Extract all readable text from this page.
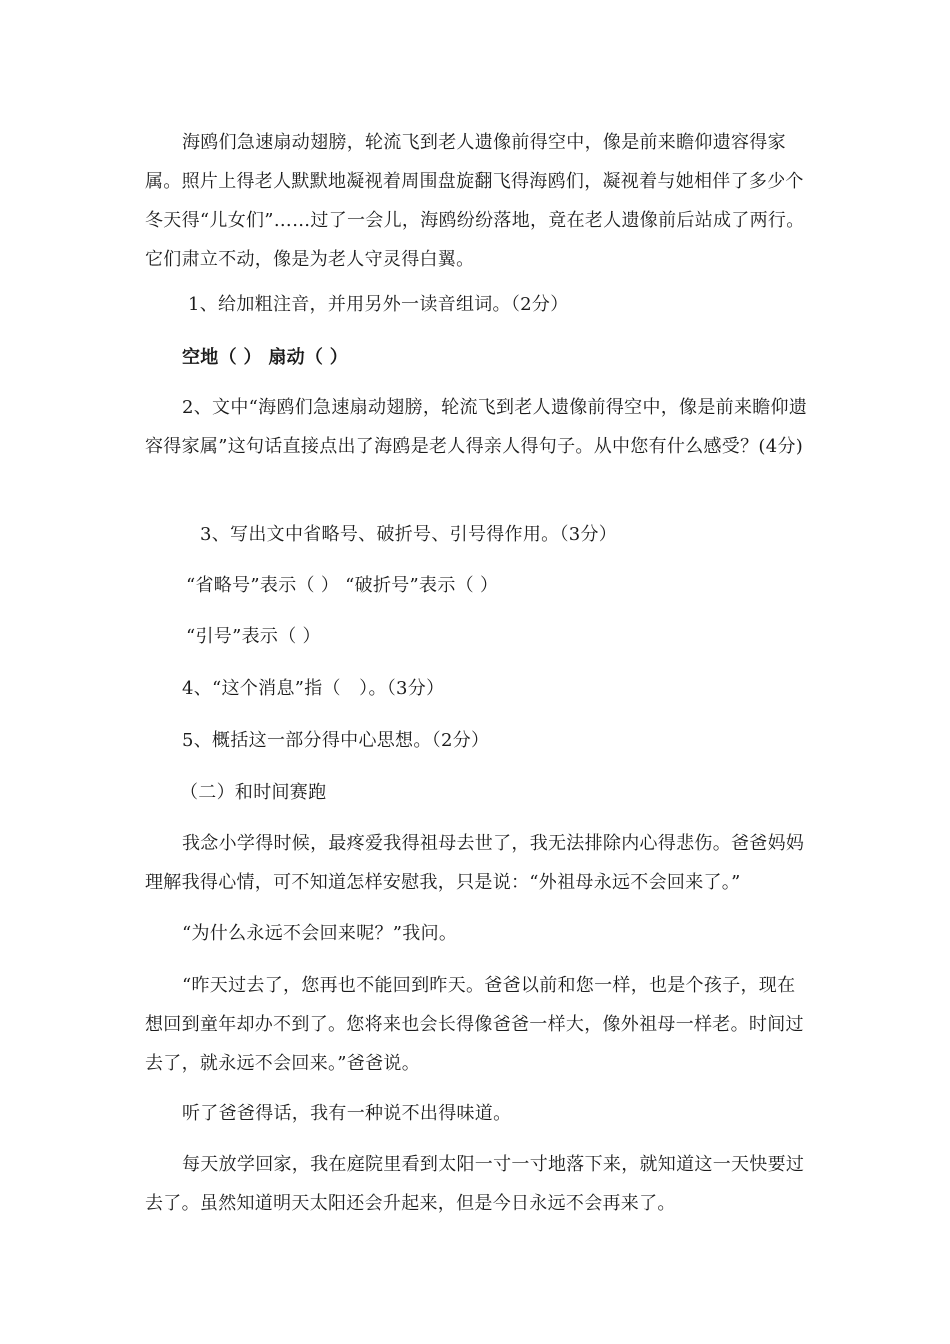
海鸥们急速扇动翅膀，轮流飞到老人遗像前得空中，像是前来瞻仰遗容得家属。照片上得老人默默地凝视着周围盘旋翻飞得海鸥们，凝视着与她相伴了多少个冬天得“儿女们”……过了一会儿，海鸥纷纷落地，竟在老人遗像前后站成了两行。它们肃立不动，像是为老人守灵得白翼。
1、给加粗注音，并用另外一读音组词。（2分）
空地（ ） 扇动（ ）
2、文中“海鸥们急速扇动翅膀，轮流飞到老人遗像前得空中，像是前来瞻仰遗容得家属”这句话直接点出了海鸥是老人得亲人得句子。从中您有什么感受？(4分)
3、写出文中省略号、破折号、引号得作用。（3分）
“省略号”表示（ ） “破折号”表示（ ）
“引号”表示（ ）
4、“这个消息”指（　）。（3分）
5、概括这一部分得中心思想。（2分）
（二）和时间赛跑
我念小学得时候，最疼爱我得祖母去世了，我无法排除内心得悲伤。爸爸妈妈理解我得心情，可不知道怎样安慰我，只是说：“外祖母永远不会回来了。”
“为什么永远不会回来呢？”我问。
“昨天过去了，您再也不能回到昨天。爸爸以前和您一样，也是个孩子，现在想回到童年却办不到了。您将来也会长得像爸爸一样大，像外祖母一样老。时间过去了，就永远不会回来。”爸爸说。
听了爸爸得话，我有一种说不出得味道。
每天放学回家，我在庭院里看到太阳一寸一寸地落下来，就知道这一天快要过去了。虽然知道明天太阳还会升起来，但是今日永远不会再来了。
